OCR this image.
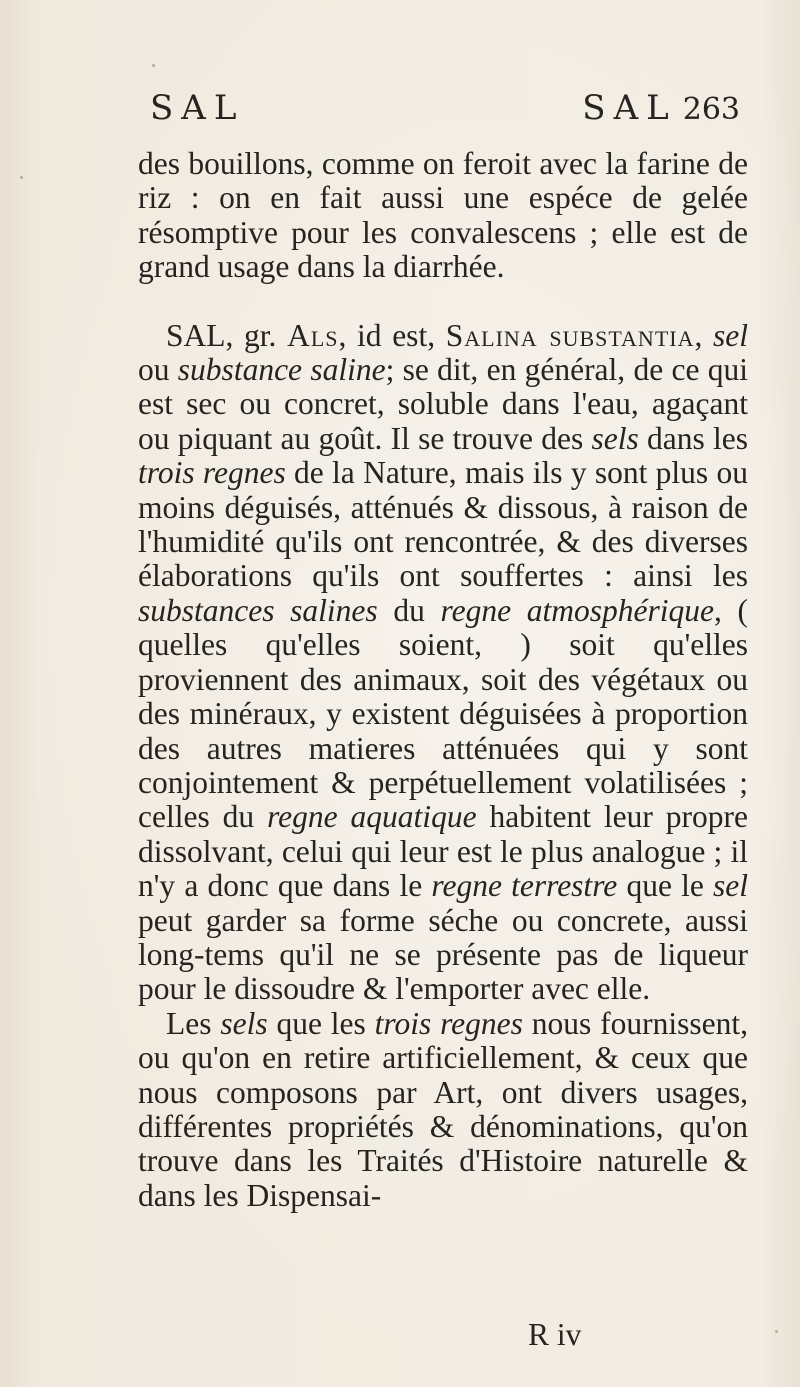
SAL	SAL 263

des bouillons, comme on feroit avec la farine de riz : on en fait aussi une espéce de gelée résomptive pour les convalescens ; elle est de grand usage dans la diarrhée.

SAL, gr. Als, id est, Salina substantia, sel ou substance saline; se dit, en général, de ce qui est sec ou concret, soluble dans l'eau, agaçant ou piquant au goût. Il se trouve des sels dans les trois regnes de la Nature, mais ils y sont plus ou moins déguisés, atténués & dissous, à raison de l'humidité qu'ils ont rencontrée, & des diverses élaborations qu'ils ont souffertes : ainsi les substances salines du regne atmosphérique, ( quelles qu'elles soient, ) soit qu'elles proviennent des animaux, soit des végétaux ou des minéraux, y existent déguisées à proportion des autres matieres atténuées qui y sont conjointement & perpétuellement volatilisées ; celles du regne aquatique habitent leur propre dissolvant, celui qui leur est le plus analogue ; il n'y a donc que dans le regne terrestre que le sel peut garder sa forme séche ou concrete, aussi long-tems qu'il ne se présente pas de liqueur pour le dissoudre & l'emporter avec elle.

Les sels que les trois regnes nous fournissent, ou qu'on en retire artificiellement, & ceux que nous composons par Art, ont divers usages, différentes propriétés & dénominations, qu'on trouve dans les Traités d'Histoire naturelle & dans les Dispensai-

R iv
